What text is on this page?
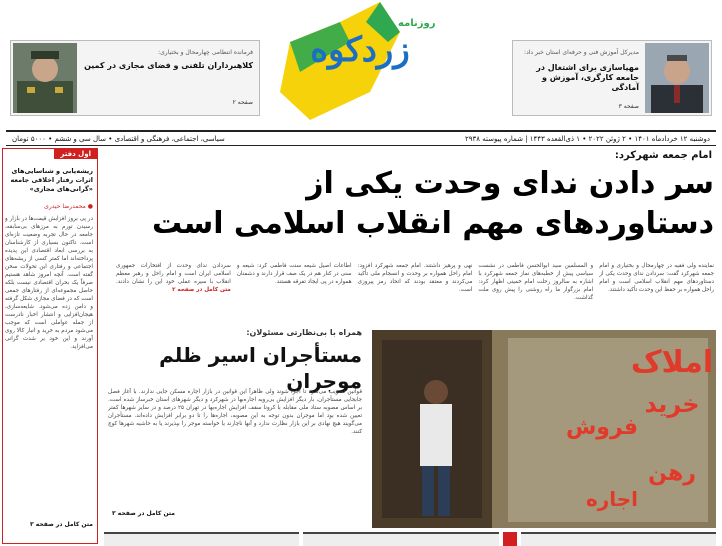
روزنامه
زردکوه
فرمانده انتظامی چهارمحال و بختیاری:
کلاهبرداران تلفنی و فضای مجازی در کمین
صفحه ۲
مدیرکل آموزش فنی و حرفه‌ای استان خبر داد:
مهیاسازی برای اشتغال در جامعه کارگری، آموزش و آمادگی
صفحه ۳
دوشنبه ۱۲ خردادماه ۱۴۰۱ • ۲ ژوئن ۲۰۲۲ • ۱ ذی‌القعده ۱۴۴۳ | شماره پیوسته ۲۹۳۸
سیاسی، اجتماعی، فرهنگی و اقتصادی • سال سی و ششم • ۵۰۰۰ تومان
اول دفتر
ریشه‌یابی و شناسایی‌های اثرات رفتار اخلاقی جامعه «گرانی‌های مجازی»
● محمدرضا حیدری
در پی بروز افزایش قیمت‌ها در بازار و رسیدن تورم به مرزهای بی‌سابقه، جامعه در حال تجربه وضعیت تازه‌ای است. تاکنون بسیاری از کارشناسان به بررسی ابعاد اقتصادی این پدیده پرداخته‌اند اما کمتر کسی از ریشه‌های اجتماعی و رفتاری این تحولات سخن گفته است. آنچه امروز شاهد هستیم صرفاً یک بحران اقتصادی نیست بلکه حاصل مجموعه‌ای از رفتارهای جمعی است که در فضای مجازی شکل گرفته و دامن زده می‌شود. شایعه‌سازی، هیجان‌افزایی و انتشار اخبار نادرست از جمله عواملی است که موجب می‌شود مردم به خرید و انبار کالا روی آورند و این خود بر شدت گرانی می‌افزاید.
متن کامل در صفحه ۳
امام جمعه شهرکرد:
سر دادن ندای وحدت یکی از دستاوردهای مهم انقلاب اسلامی است
نماینده ولی فقیه در چهارمحال و بختیاری و امام جمعه شهرکرد گفت: سردادن ندای وحدت یکی از دستاوردهای مهم انقلاب اسلامی است و امام راحل همواره بر حفظ این وحدت تأکید داشتند.
و المسلمین سید ابوالحسن فاطمی در نشست سیاسی پیش از خطبه‌های نماز جمعه شهرکرد با اشاره به سالروز رحلت امام خمینی اظهار کرد: امام بزرگوار ما راه روشنی را پیش روی ملت گذاشت.
نهی و پرهیز داشتند. امام جمعه شهرکرد افزود: امام راحل همواره بر وحدت و انسجام ملی تأکید می‌کردند و معتقد بودند که اتحاد رمز پیروزی است.
اطاعات اصیل شیعه سنت فاطمی کرد: شیعه و سنی در کنار هم در یک صف قرار دارند و دشمنان همواره در پی ایجاد تفرقه هستند.
سردادن ندای وحدت از افتخارات جمهوری اسلامی ایران است و امام راحل و رهبر معظم انقلاب با سیره عملی خود این را نشان دادند. متن کامل در صفحه ۲
همراه با بی‌نظارتی مسئولان:
مستأجران اسیر ظلم موجران
قوانین تصویب می‌شود تا اجرا شوند ولی ظاهراً این قوانین در بازار اجاره مسکن جایی ندارند. با آغاز فصل جابجایی مستأجران، بار دیگر افزایش بی‌رویه اجاره‌بها در شهرکرد و دیگر شهرهای استان خبرساز شده است. بر اساس مصوبه ستاد ملی مقابله با کرونا سقف افزایش اجاره‌بها در تهران ۲۵ درصد و در سایر شهرها کمتر تعیین شده بود اما موجران بدون توجه به این مصوبه، اجاره‌ها را تا دو برابر افزایش داده‌اند. مستأجران می‌گویند هیچ نهادی بر این بازار نظارت ندارد و آنها ناچارند یا خواسته موجر را بپذیرند یا به حاشیه شهرها کوچ کنند.
متن کامل در صفحه ۳
املاک
خرید
فروش
رهن
اجاره
